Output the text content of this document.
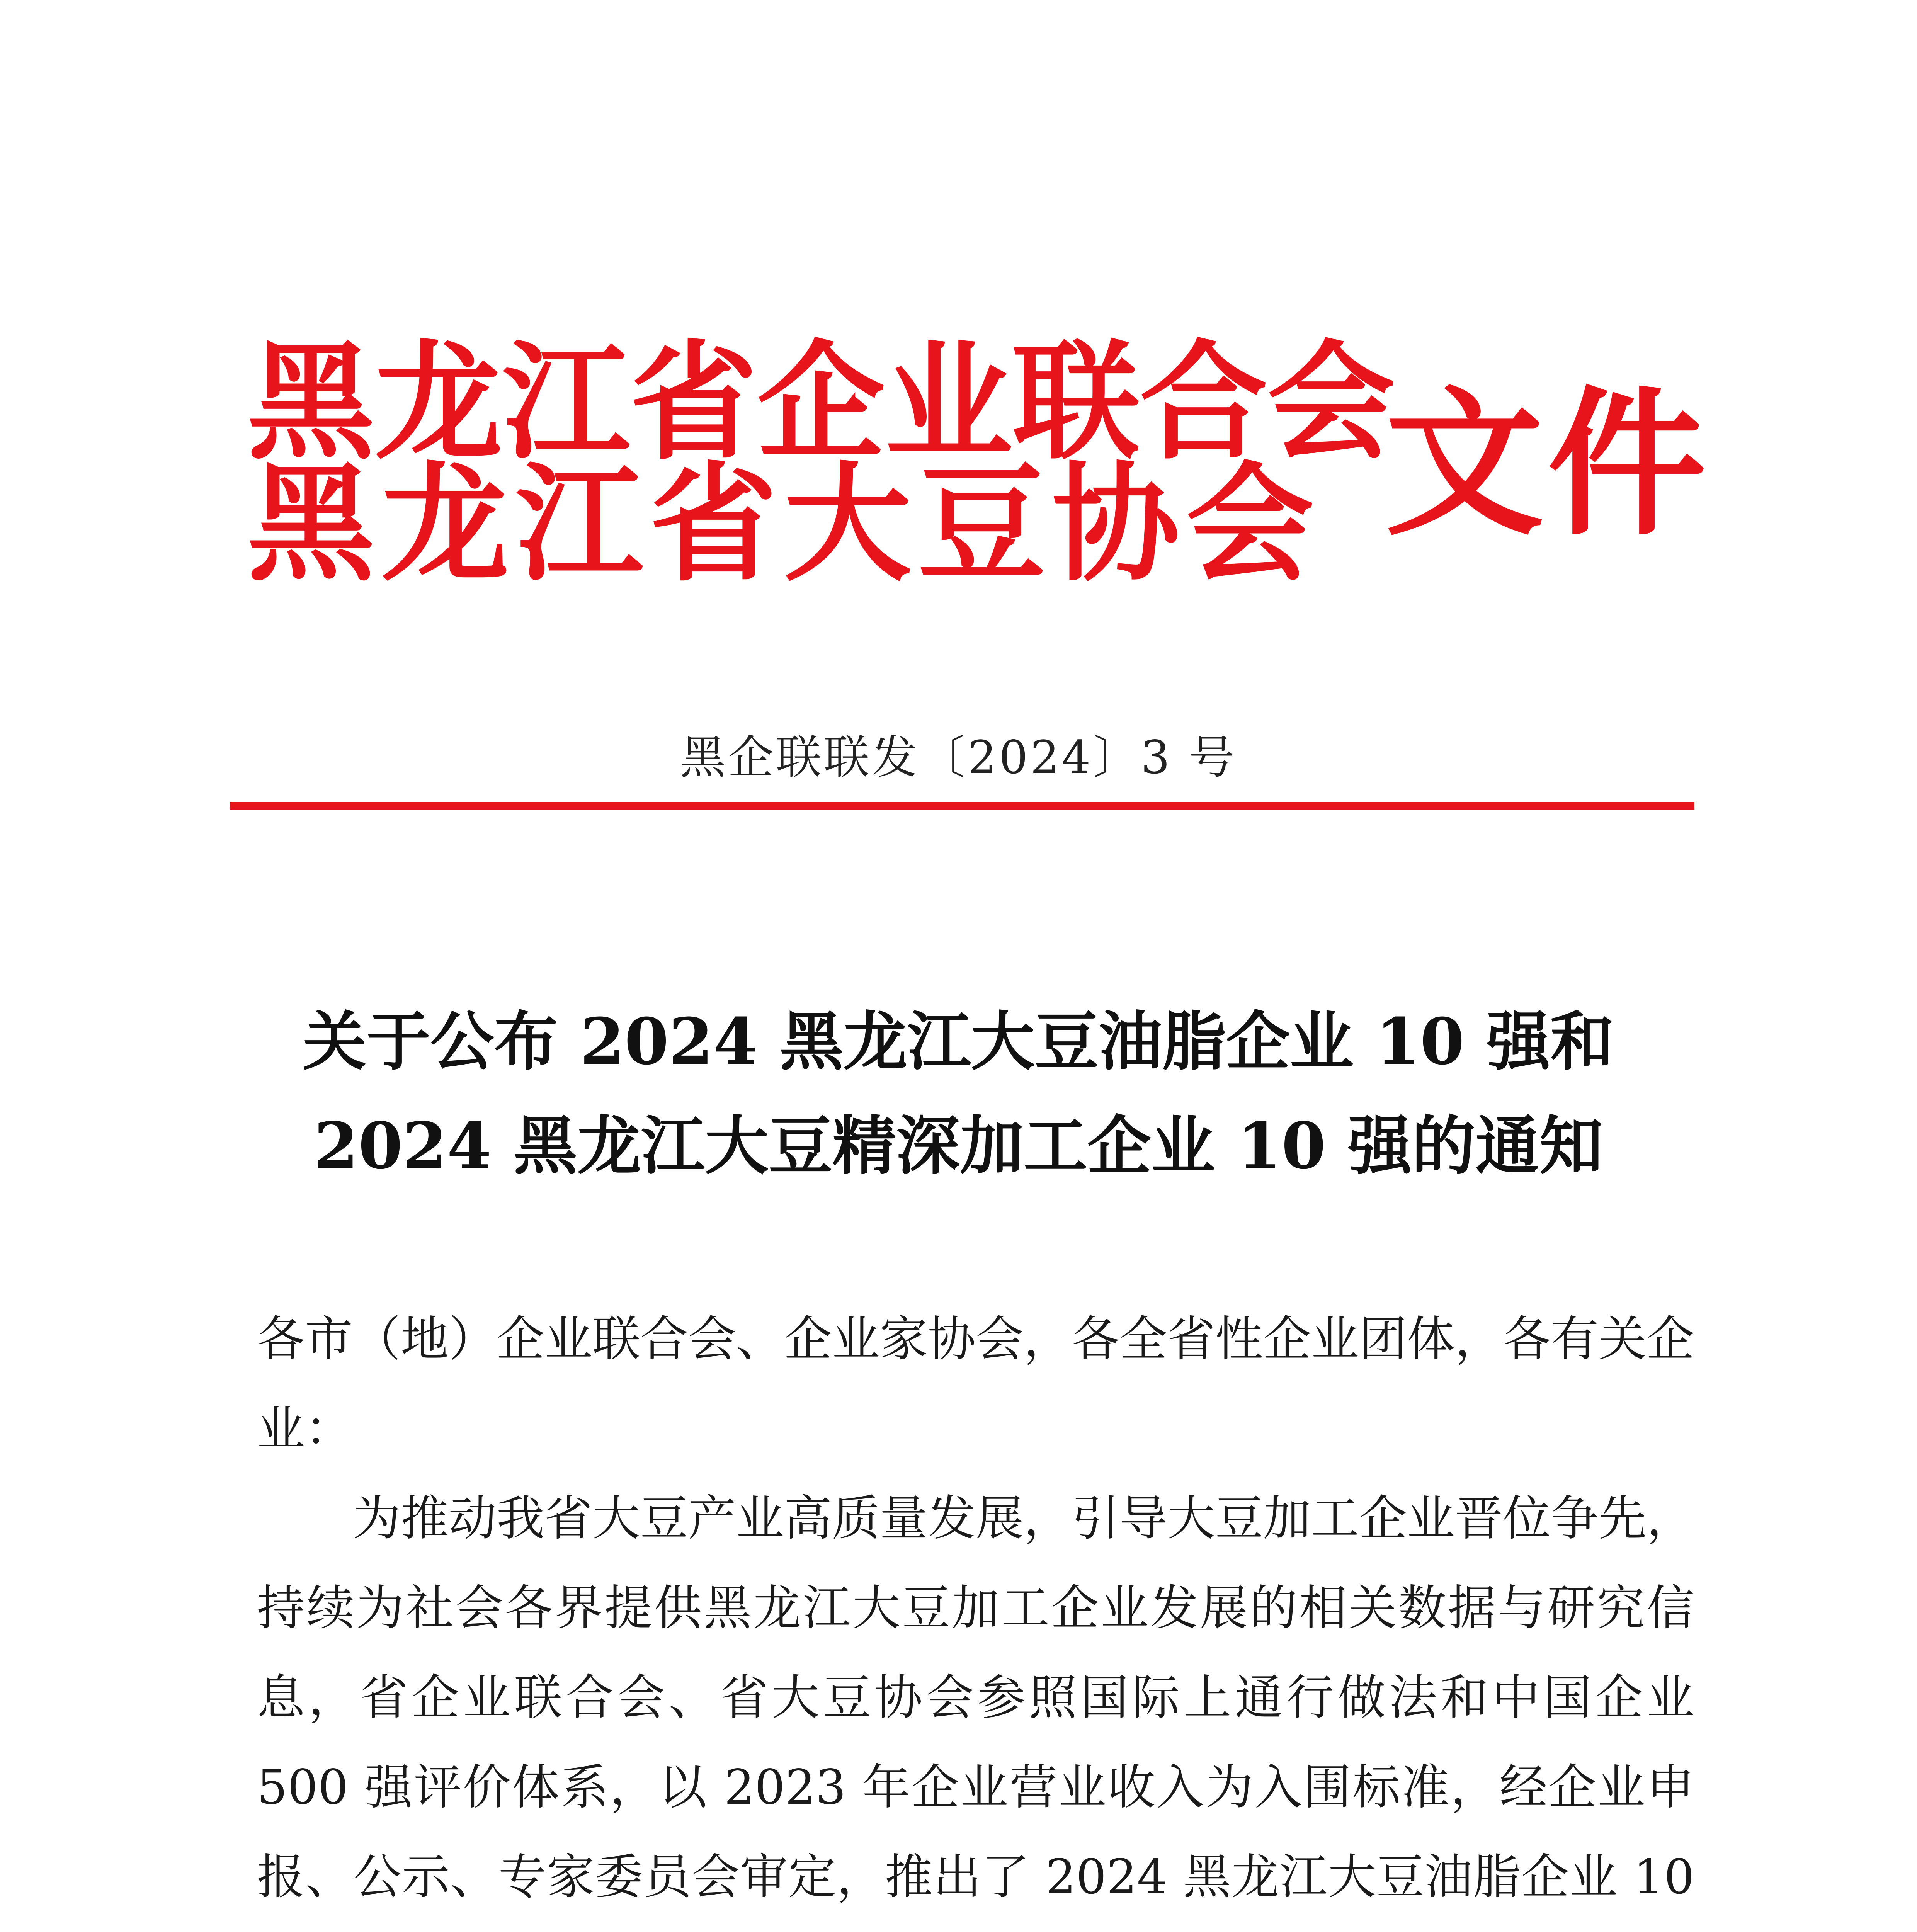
黑 龙 江 省 企 业 联 合 会
黑 龙 江 省 大 豆 协 会 文件
黑企联联发〔2024〕3 号
关于公布 2024 黑龙江大豆油脂企业 10 强和
2024 黑龙江大豆精深加工企业 10 强的通知

各市（地）企业联合会、企业家协会，各全省性企业团体，各有关企业：

为推动我省大豆产业高质量发展，引导大豆加工企业晋位争先，持续为社会各界提供黑龙江大豆加工企业发展的相关数据与研究信息，省企业联合会、省大豆协会参照国际上通行做法和中国企业 500 强评价体系，以 2023 年企业营业收入为入围标准，经企业申报、公示、专家委员会审定，推出了 2024 黑龙江大豆油脂企业 10
